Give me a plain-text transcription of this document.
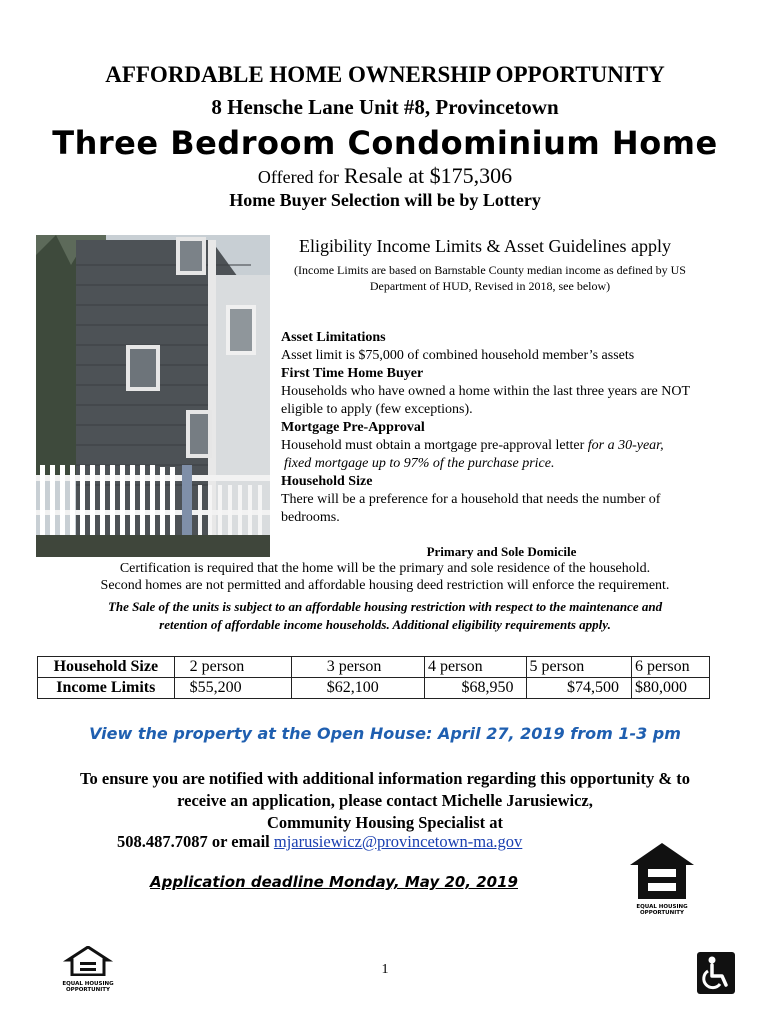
AFFORDABLE HOME OWNERSHIP OPPORTUNITY
8 Hensche Lane Unit #8, Provincetown
Three Bedroom Condominium Home
Offered for Resale at $175,306
Home Buyer Selection will be by Lottery
Eligibility Income Limits & Asset Guidelines apply
(Income Limits are based on Barnstable County median income as defined by US Department of HUD, Revised in 2018, see below)
Asset Limitations
Asset limit is $75,000 of combined household member’s assets
First Time Home Buyer
Households who have owned a home within the last three years are NOT
eligible to apply (few exceptions).
Mortgage Pre-Approval
Household must obtain a mortgage pre-approval letter for a 30-year,
fixed mortgage up to 97% of the purchase price.
Household Size
There will be a preference for a household that needs the number of
bedrooms.
Primary and Sole Domicile
Certification is required that the home will be the primary and sole residence of the household.
Second homes are not permitted and affordable housing deed restriction will enforce the requirement.
The Sale of the units is subject to an affordable housing restriction with respect to the maintenance and
retention of affordable income households. Additional eligibility requirements apply.
Household Size	2 person	3 person	4 person	5 person	6 person
Income Limits	$55,200	$62,100	$68,950	$74,500	$80,000
View the property at the Open House: April 27, 2019 from 1-3 pm
To ensure you are notified with additional information regarding this opportunity & to
receive an application, please contact Michelle Jarusiewicz,
Community Housing Specialist at
508.487.7087 or email mjarusiewicz@provincetown-ma.gov
Application deadline Monday, May 20, 2019
EQUAL HOUSING
OPPORTUNITY
EQUAL HOUSING
OPPORTUNITY
1
